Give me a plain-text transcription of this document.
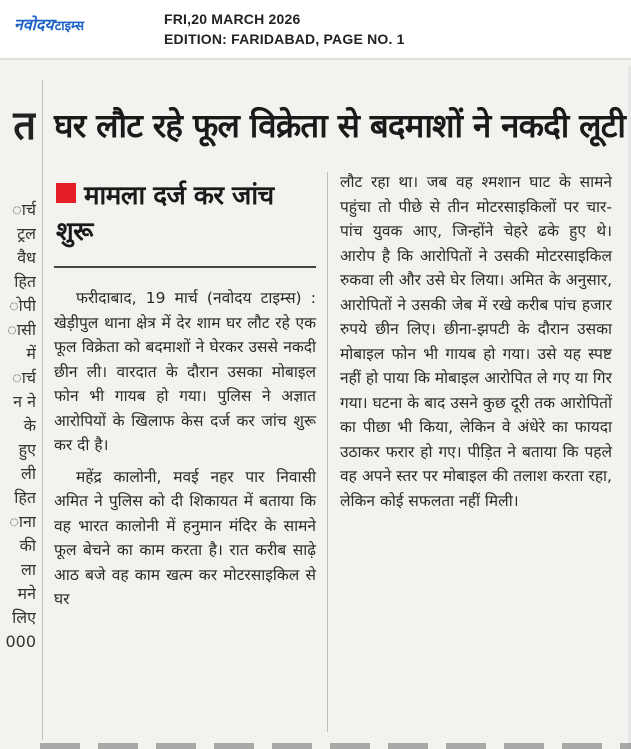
नवोदयटाइम्स	FRI,20 MARCH 2026
EDITION: FARIDABAD, PAGE NO. 1
त
ार्च
ट्रल
वैध
हित
ोपी
ासी
में
ार्च
न ने
के
हुए
ली
हित
ाना
की
ला
मने
लिए
000
घर लौट रहे फूल विक्रेता से बदमाशों ने नकदी लूटी
मामला दर्ज कर जांच शुरू

फरीदाबाद, 19 मार्च (नवोदय टाइम्स) : खेड़ीपुल थाना क्षेत्र में देर शाम घर लौट रहे एक फूल विक्रेता को बदमाशों ने घेरकर उससे नकदी छीन ली। वारदात के दौरान उसका मोबाइल फोन भी गायब हो गया। पुलिस ने अज्ञात आरोपियों के खिलाफ केस दर्ज कर जांच शुरू कर दी है।

महेंद्र कालोनी, मवई नहर पार निवासी अमित ने पुलिस को दी शिकायत में बताया कि वह भारत कालोनी में हनुमान मंदिर के सामने फूल बेचने का काम करता है। रात करीब साढ़े आठ बजे वह काम खत्म कर मोटरसाइकिल से घर

लौट रहा था। जब वह श्मशान घाट के सामने पहुंचा तो पीछे से तीन मोटरसाइकिलों पर चार-पांच युवक आए, जिन्होंने चेहरे ढके हुए थे। आरोप है कि आरोपितों ने उसकी मोटरसाइकिल रुकवा ली और उसे घेर लिया। अमित के अनुसार, आरोपितों ने उसकी जेब में रखे करीब पांच हजार रुपये छीन लिए। छीना-झपटी के दौरान उसका मोबाइल फोन भी गायब हो गया। उसे यह स्पष्ट नहीं हो पाया कि मोबाइल आरोपित ले गए या गिर गया। घटना के बाद उसने कुछ दूरी तक आरोपितों का पीछा भी किया, लेकिन वे अंधेरे का फायदा उठाकर फरार हो गए। पीड़ित ने बताया कि पहले वह अपने स्तर पर मोबाइल की तलाश करता रहा, लेकिन कोई सफलता नहीं मिली।
